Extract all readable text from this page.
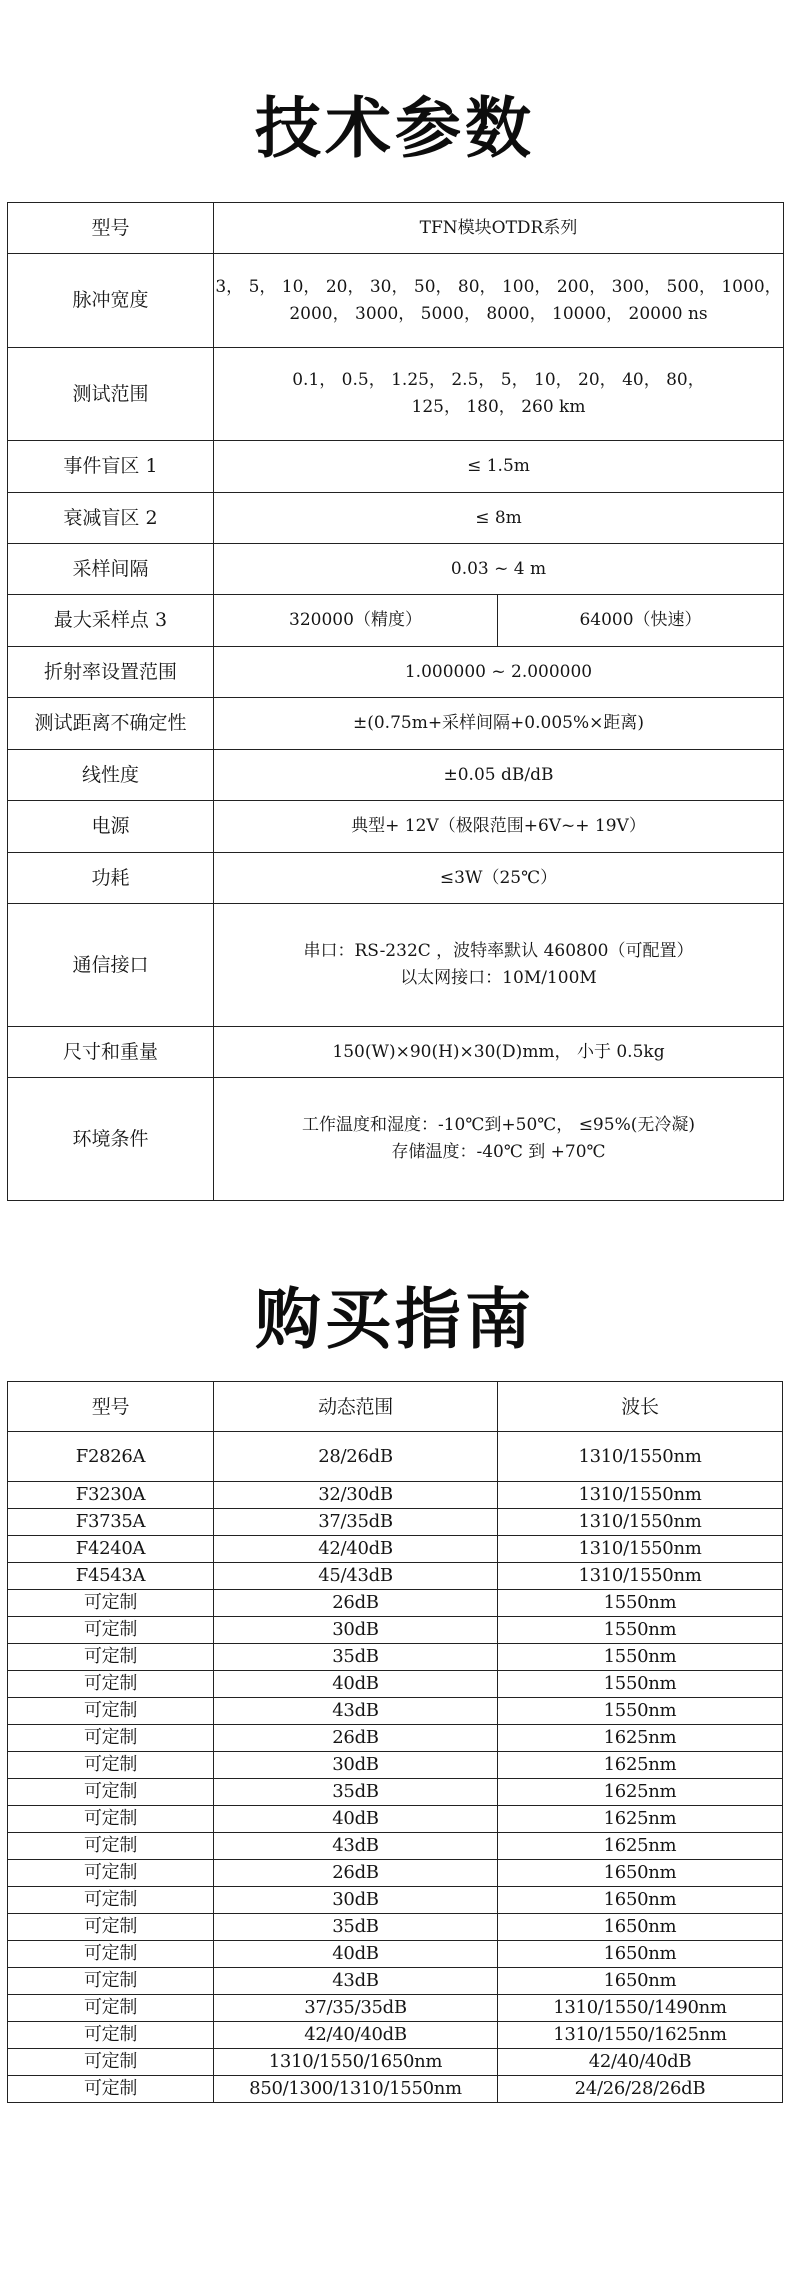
技术参数
型号	TFN模块OTDR系列	
脉冲宽度	3， 5， 10， 20， 30， 50， 80， 100， 200， 300， 500， 1000，
2000， 3000， 5000， 8000， 10000， 20000 ns	

测试范围	0.1， 0.5， 1.25， 2.5， 5， 10， 20， 40， 80，
125， 180， 260 km	

事件盲区 1	≤ 1.5m	
衰减盲区 2	≤ 8m	
采样间隔	0.03 ~ 4 m	
最大采样点 3	320000（精度）	64000（快速）
折射率设置范围	1.000000 ~ 2.000000	
测试距离不确定性	±(0.75m+采样间隔+0.005%×距离)	
线性度	±0.05 dB/dB	
电源	典型+ 12V（极限范围+6V~+ 19V）	
功耗	≤3W（25℃）	
通信接口	串口：RS-232C ，波特率默认 460800（可配置）
以太网接口：10M/100M	

尺寸和重量	150(W)×90(H)×30(D)mm， 小于 0.5kg	
环境条件	工作温度和湿度：-10℃到+50℃， ≤95%(无冷凝)
存储温度：-40℃ 到 +70℃	
购买指南
型号	动态范围	波长
F2826A	28/26dB	1310/1550nm
F3230A	32/30dB	1310/1550nm
F3735A	37/35dB	1310/1550nm
F4240A	42/40dB	1310/1550nm
F4543A	45/43dB	1310/1550nm
可定制	26dB	1550nm
可定制	30dB	1550nm
可定制	35dB	1550nm
可定制	40dB	1550nm
可定制	43dB	1550nm
可定制	26dB	1625nm
可定制	30dB	1625nm
可定制	35dB	1625nm
可定制	40dB	1625nm
可定制	43dB	1625nm
可定制	26dB	1650nm
可定制	30dB	1650nm
可定制	35dB	1650nm
可定制	40dB	1650nm
可定制	43dB	1650nm
可定制	37/35/35dB	1310/1550/1490nm
可定制	42/40/40dB	1310/1550/1625nm
可定制	1310/1550/1650nm	42/40/40dB
可定制	850/1300/1310/1550nm	24/26/28/26dB
